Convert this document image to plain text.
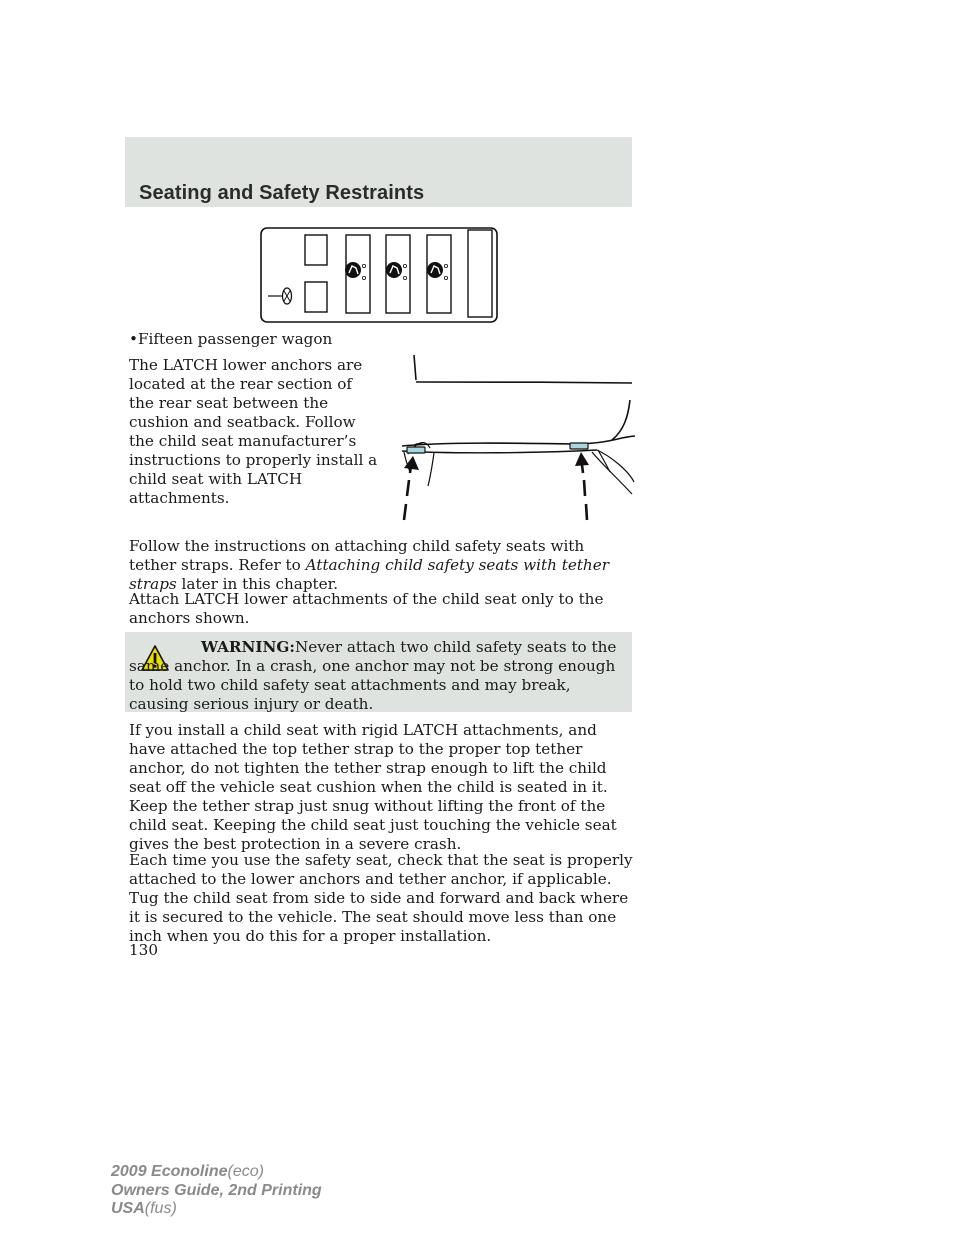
Seating and Safety Restraints
•Fifteen passenger wagon
The LATCH lower anchors are located at the rear section of the rear seat between the cushion and seatback. Follow the child seat manufacturer’s instructions to properly install a child seat with LATCH attachments.

Follow the instructions on attaching child safety seats with tether straps. Refer to Attaching child safety seats with tether straps later in this chapter.

Attach LATCH lower attachments of the child seat only to the anchors shown.

WARNING:Never attach two child safety seats to the same anchor. In a crash, one anchor may not be strong enough to hold two child safety seat attachments and may break, causing serious injury or death.

If you install a child seat with rigid LATCH attachments, and have attached the top tether strap to the proper top tether anchor, do not tighten the tether strap enough to lift the child seat off the vehicle seat cushion when the child is seated in it. Keep the tether strap just snug without lifting the front of the child seat. Keeping the child seat just touching the vehicle seat gives the best protection in a severe crash.

Each time you use the safety seat, check that the seat is properly attached to the lower anchors and tether anchor, if applicable. Tug the child seat from side to side and forward and back where it is secured to the vehicle. The seat should move less than one inch when you do this for a proper installation.

130
2009 Econoline(eco)
Owners Guide, 2nd Printing
USA(fus)
